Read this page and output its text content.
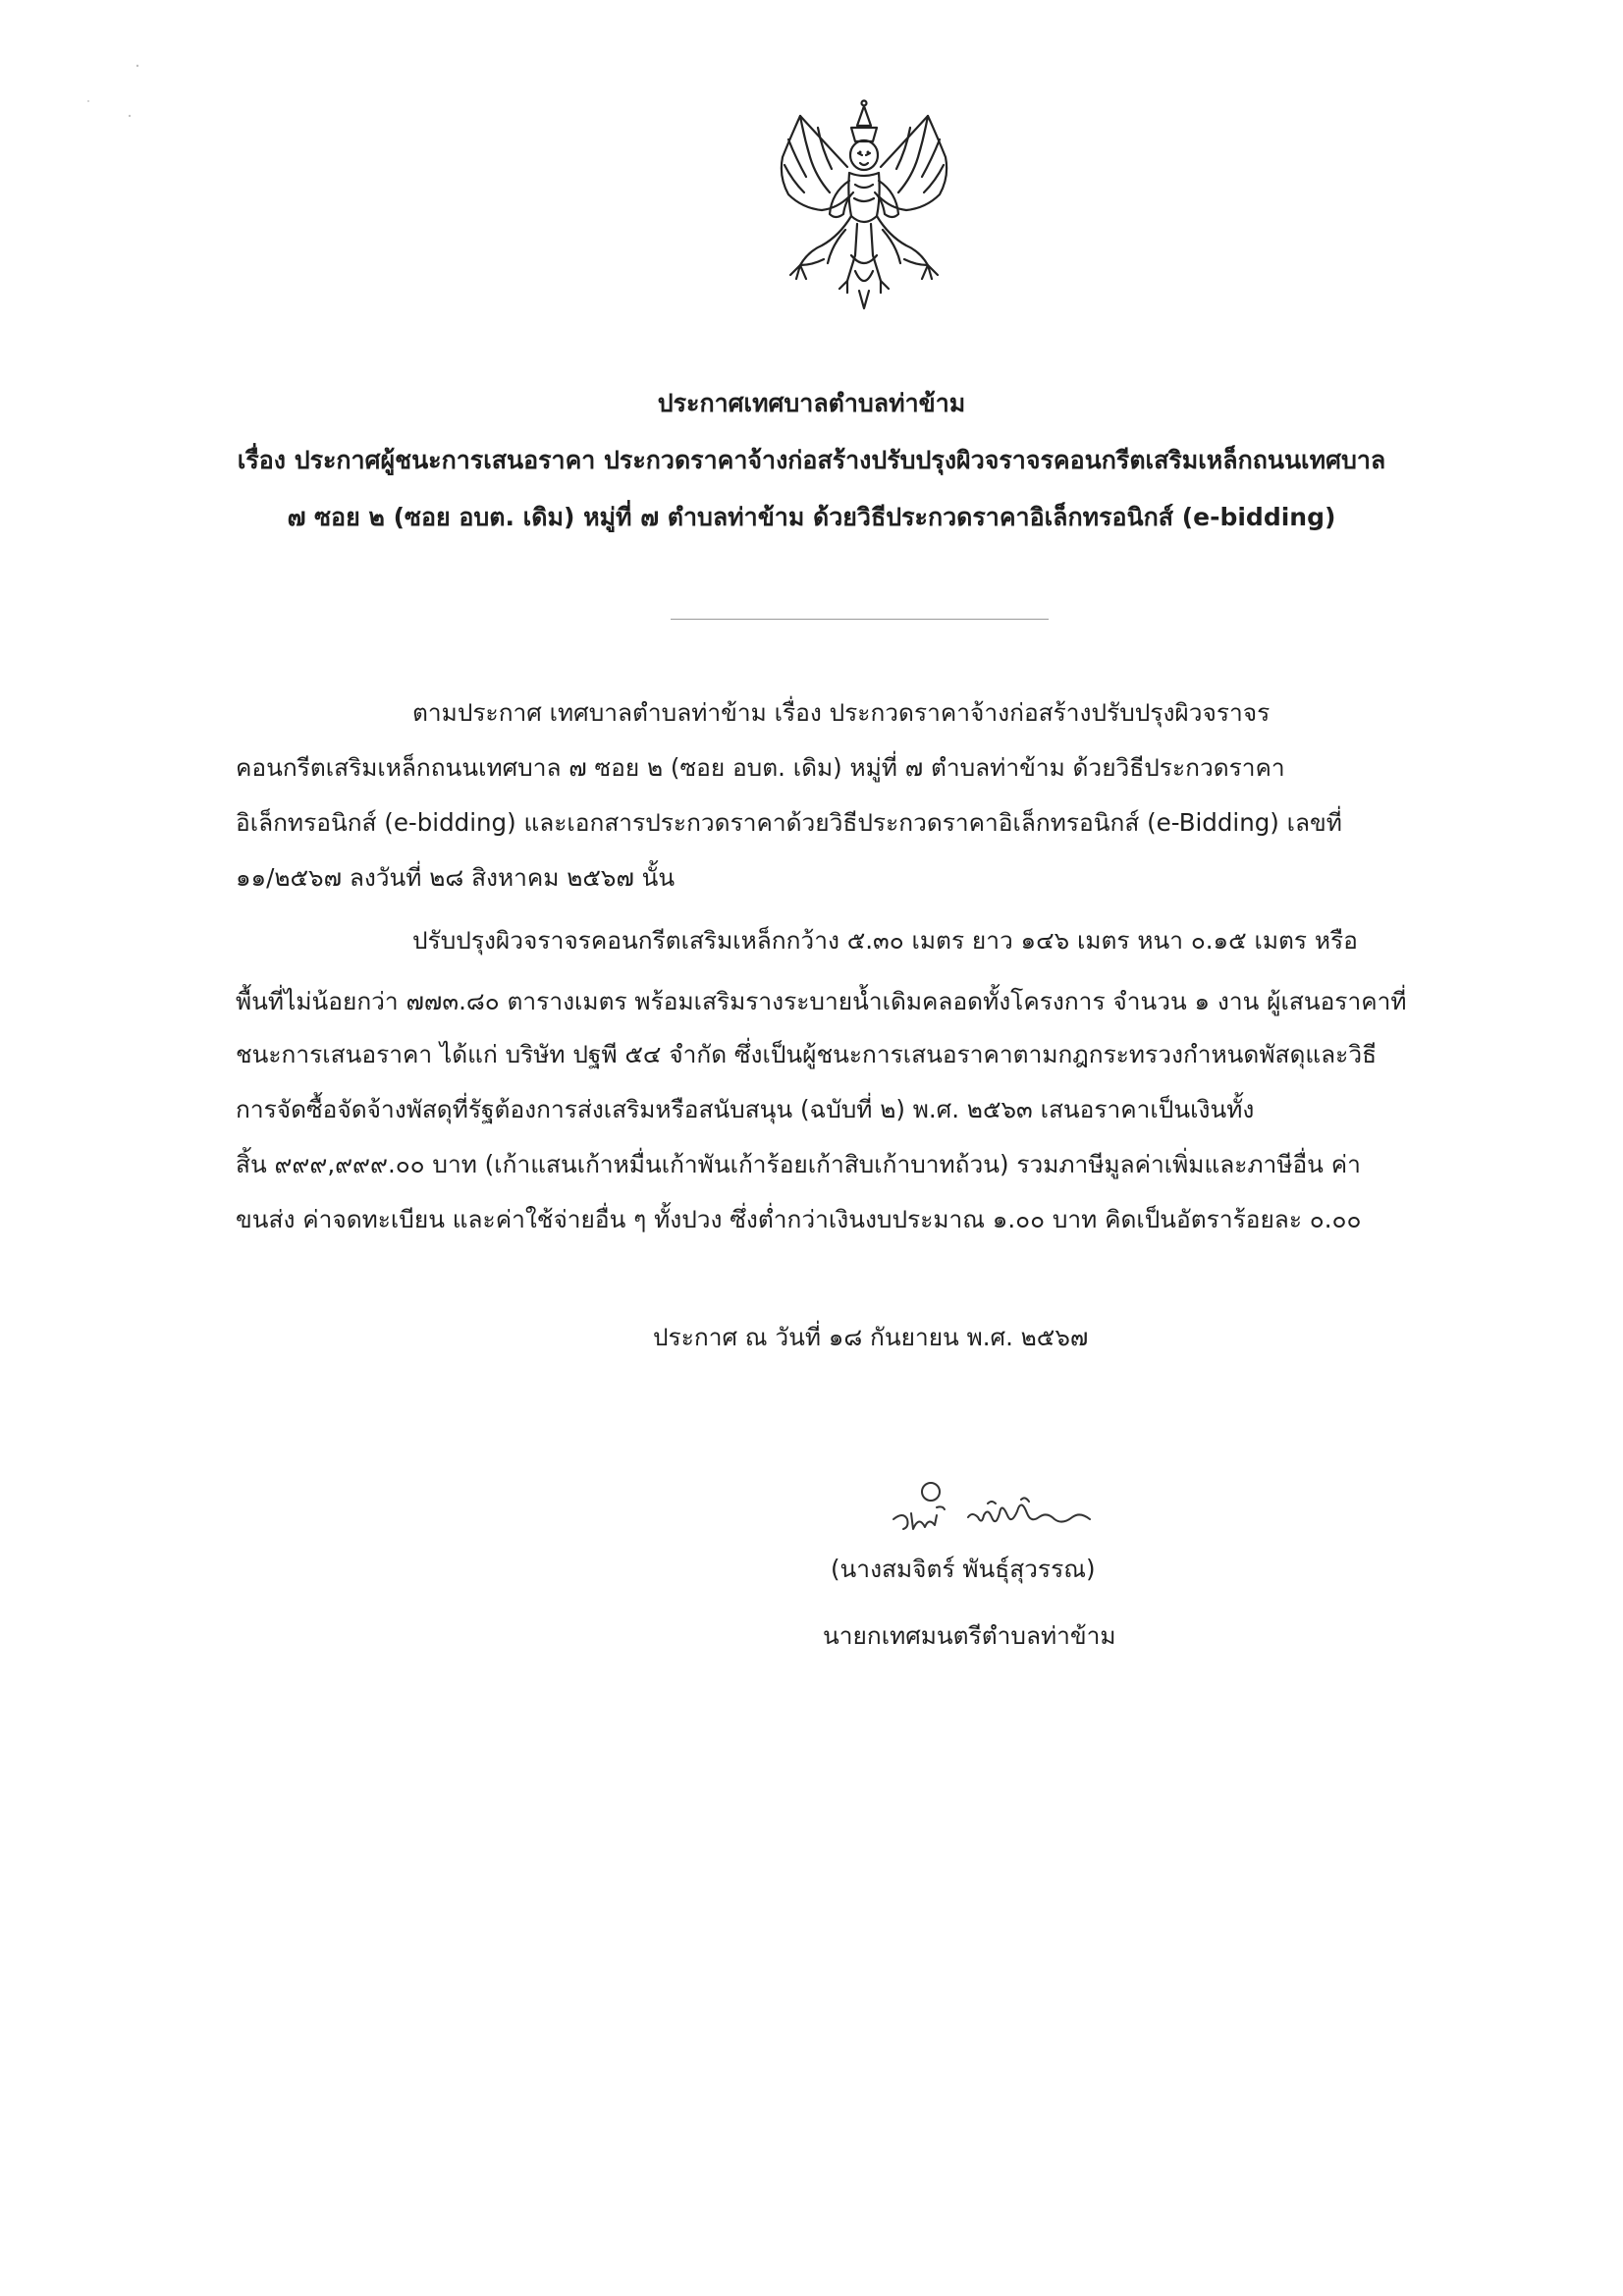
ประกาศเทศบาลตำบลท่าข้าม
เรื่อง ประกาศผู้ชนะการเสนอราคา ประกวดราคาจ้างก่อสร้างปรับปรุงผิวจราจรคอนกรีตเสริมเหล็กถนนเทศบาล
๗ ซอย ๒ (ซอย อบต. เดิม) หมู่ที่ ๗ ตำบลท่าข้าม ด้วยวิธีประกวดราคาอิเล็กทรอนิกส์ (e-bidding)
ตามประกาศ เทศบาลตำบลท่าข้าม เรื่อง ประกวดราคาจ้างก่อสร้างปรับปรุงผิวจราจร
คอนกรีตเสริมเหล็กถนนเทศบาล ๗ ซอย ๒ (ซอย อบต. เดิม) หมู่ที่ ๗ ตำบลท่าข้าม ด้วยวิธีประกวดราคา
อิเล็กทรอนิกส์ (e-bidding) และเอกสารประกวดราคาด้วยวิธีประกวดราคาอิเล็กทรอนิกส์ (e-Bidding) เลขที่
๑๑/๒๕๖๗ ลงวันที่ ๒๘ สิงหาคม ๒๕๖๗ นั้น
ปรับปรุงผิวจราจรคอนกรีตเสริมเหล็กกว้าง ๕.๓๐ เมตร ยาว ๑๔๖ เมตร หนา ๐.๑๕ เมตร หรือ
พื้นที่ไม่น้อยกว่า ๗๗๓.๘๐ ตารางเมตร พร้อมเสริมรางระบายน้ำเดิมคลอดทั้งโครงการ จำนวน ๑ งาน ผู้เสนอราคาที่
ชนะการเสนอราคา ได้แก่ บริษัท ปฐพี ๕๔ จำกัด ซึ่งเป็นผู้ชนะการเสนอราคาตามกฎกระทรวงกำหนดพัสดุและวิธี
การจัดซื้อจัดจ้างพัสดุที่รัฐต้องการส่งเสริมหรือสนับสนุน (ฉบับที่ ๒) พ.ศ. ๒๕๖๓ เสนอราคาเป็นเงินทั้ง
สิ้น ๙๙๙,๙๙๙.๐๐ บาท (เก้าแสนเก้าหมื่นเก้าพันเก้าร้อยเก้าสิบเก้าบาทถ้วน) รวมภาษีมูลค่าเพิ่มและภาษีอื่น ค่า
ขนส่ง ค่าจดทะเบียน และค่าใช้จ่ายอื่น ๆ ทั้งปวง ซึ่งต่ำกว่าเงินงบประมาณ ๑.๐๐ บาท คิดเป็นอัตราร้อยละ ๐.๐๐
ประกาศ ณ วันที่ ๑๘ กันยายน พ.ศ. ๒๕๖๗
(นางสมจิตร์ พันธุ์สุวรรณ)
นายกเทศมนตรีตำบลท่าข้าม
